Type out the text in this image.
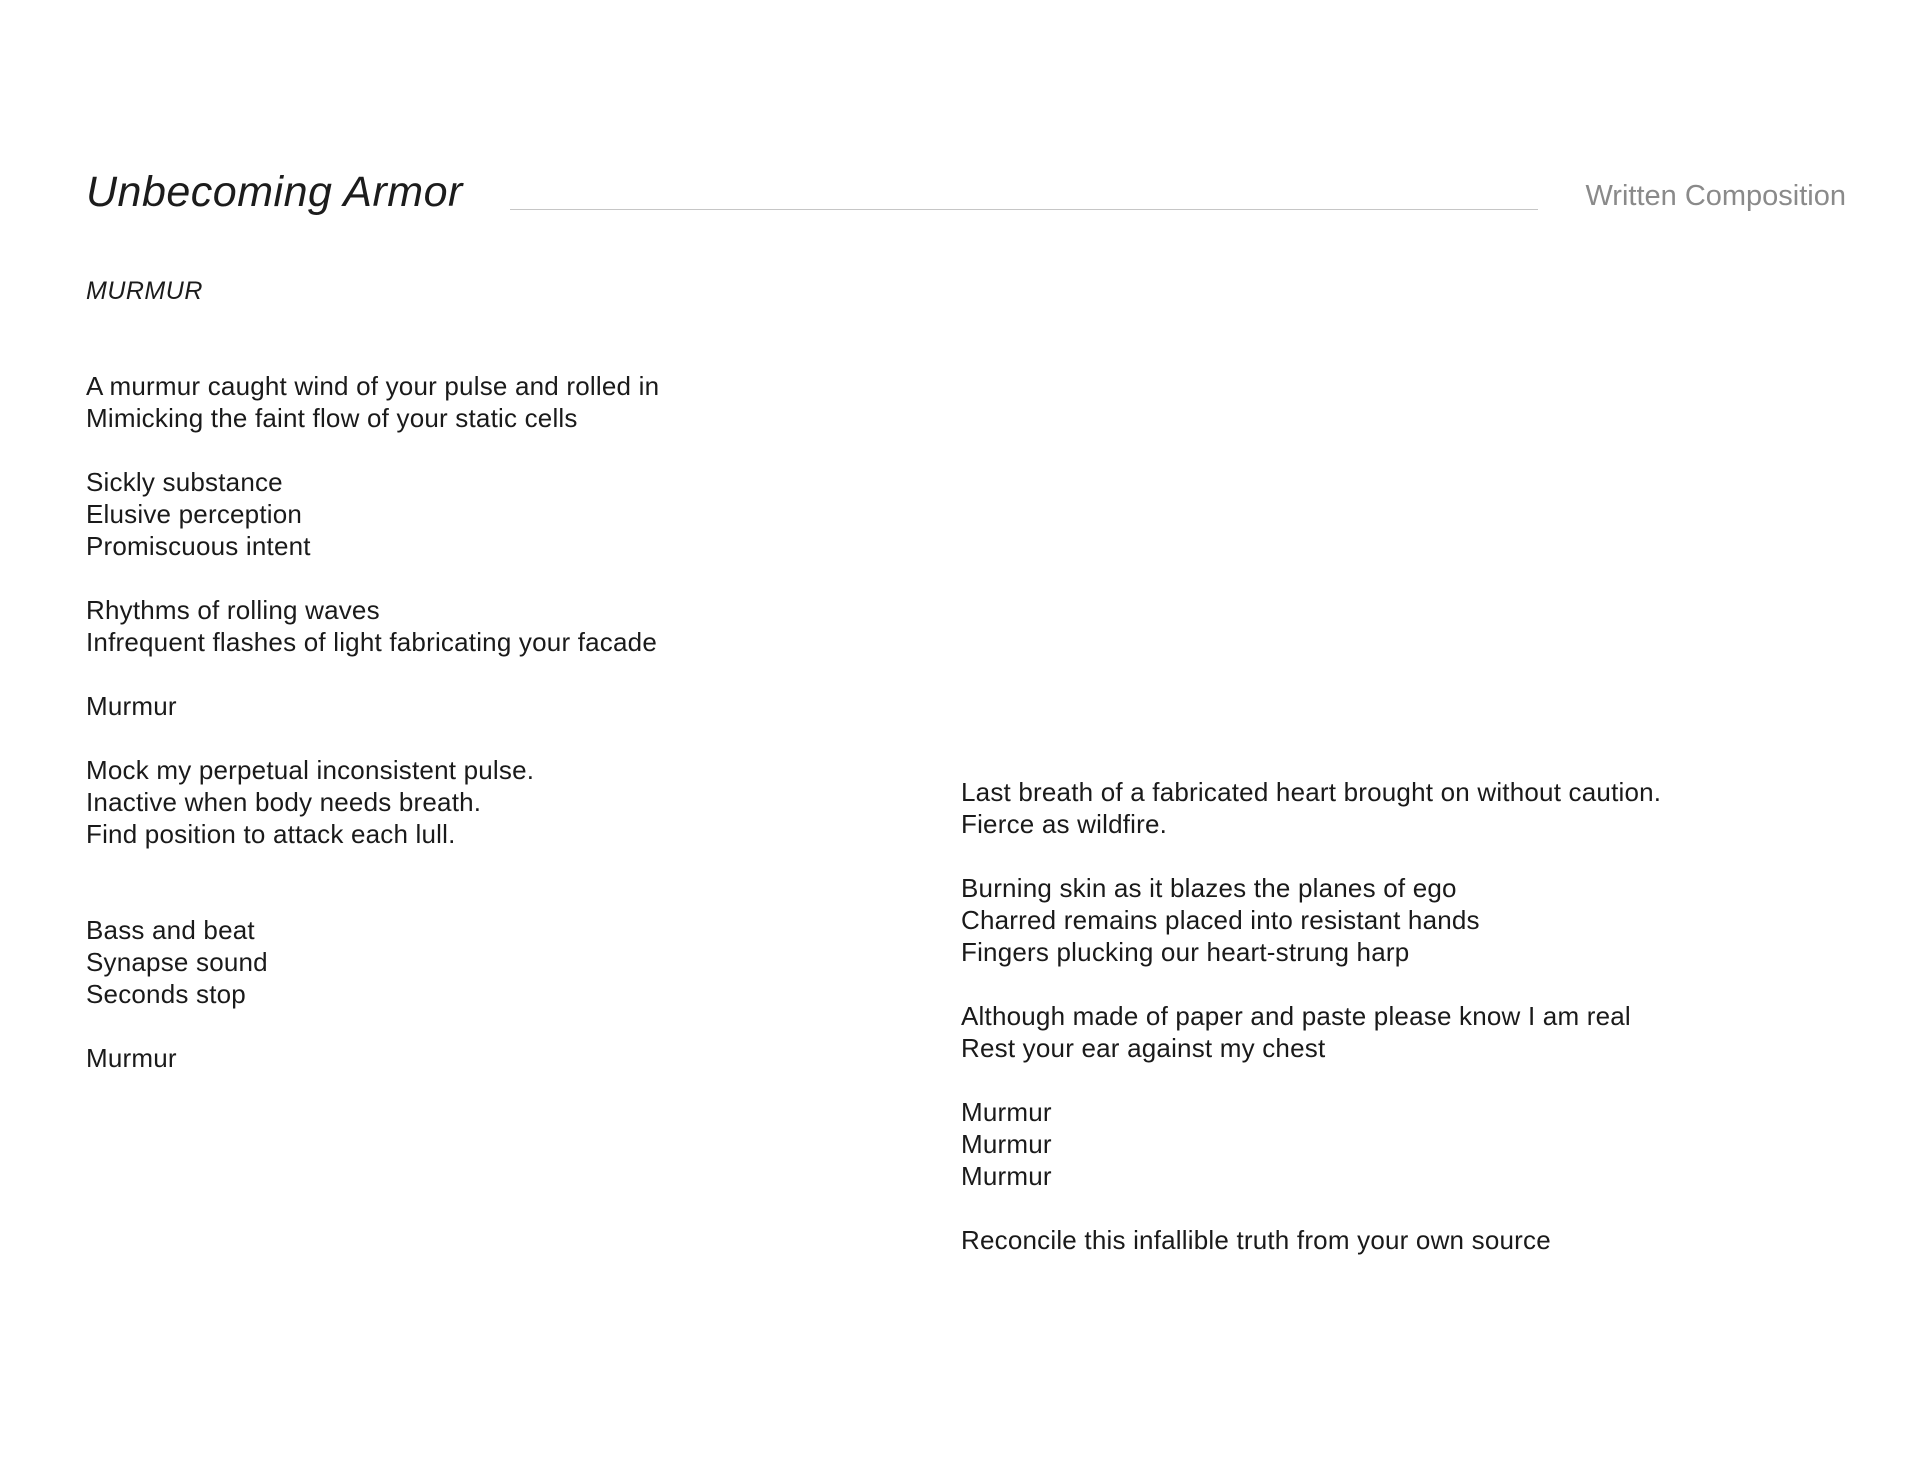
Unbecoming Armor	Written Composition
MURMUR
A murmur caught wind of your pulse and rolled in
Mimicking the faint flow of your static cells
Sickly substance
Elusive perception
Promiscuous intent
Rhythms of rolling waves
Infrequent flashes of light fabricating your facade
Murmur
Mock my perpetual inconsistent pulse.
Inactive when body needs breath.
Find position to attack each lull.
Bass and beat
Synapse sound
Seconds stop
Murmur
Last breath of a fabricated heart brought on without caution.
Fierce as wildfire.
Burning skin as it blazes the planes of ego
Charred remains placed into resistant hands
Fingers plucking our heart-strung harp
Although made of paper and paste please know I am real
Rest your ear against my chest
Murmur
Murmur
Murmur
Reconcile this infallible truth from your own source
